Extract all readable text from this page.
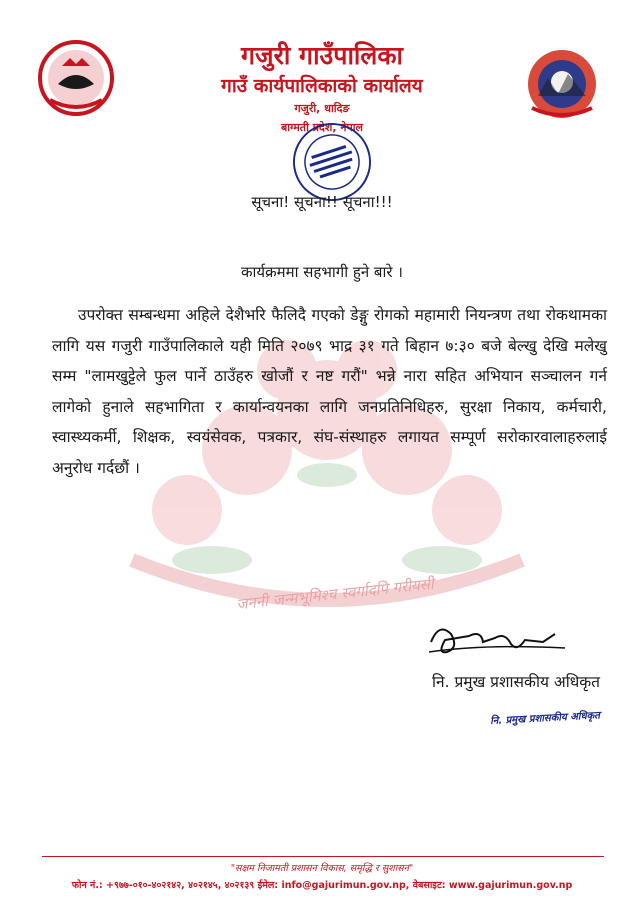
गजुरी गाउँपालिका
गाउँ कार्यपालिकाको कार्यालय
गजुरी, धादिङ
बाग्मती प्रदेश, नेपाल
सूचना! सूचना!! सूचना!!!
कार्यक्रममा सहभागी हुने बारे ।
उपरोक्त सम्बन्धमा अहिले देशैभरि फैलिदै गएको डेङ्गु रोगको महामारी नियन्त्रण तथा रोकथामका लागि यस गजुरी गाउँपालिकाले यही मिति २०७९ भाद्र ३१ गते बिहान ७:३० बजे बेल्खु देखि मलेखु सम्म "लामखुट्टेले फुल पार्ने ठाउँहरु खोजौं र नष्ट गरौं" भन्ने नारा सहित अभियान सञ्चालन गर्न लागेको हुनाले सहभागिता र कार्यान्वयनका लागि जनप्रतिनिधिहरु, सुरक्षा निकाय, कर्मचारी, स्वास्थ्यकर्मी, शिक्षक, स्वयंसेवक, पत्रकार, संघ-संस्थाहरु लगायत सम्पूर्ण सरोकारवालाहरुलाई अनुरोध गर्दछौं ।
जननी जन्मभूमिश्च स्वर्गादपि गरीयसी
नि. प्रमुख प्रशासकीय अधिकृत
नि. प्रमुख प्रशासकीय अधिकृत
"सक्षम निजामती प्रशासन विकास, समृद्धि र सुशासन"
फोन नं.: +९७७-०१०-४०२१४२, ४०२१४५, ४०२१३९ ईमेल: info@gajurimun.gov.np, वेबसाइट: www.gajurimun.gov.np
